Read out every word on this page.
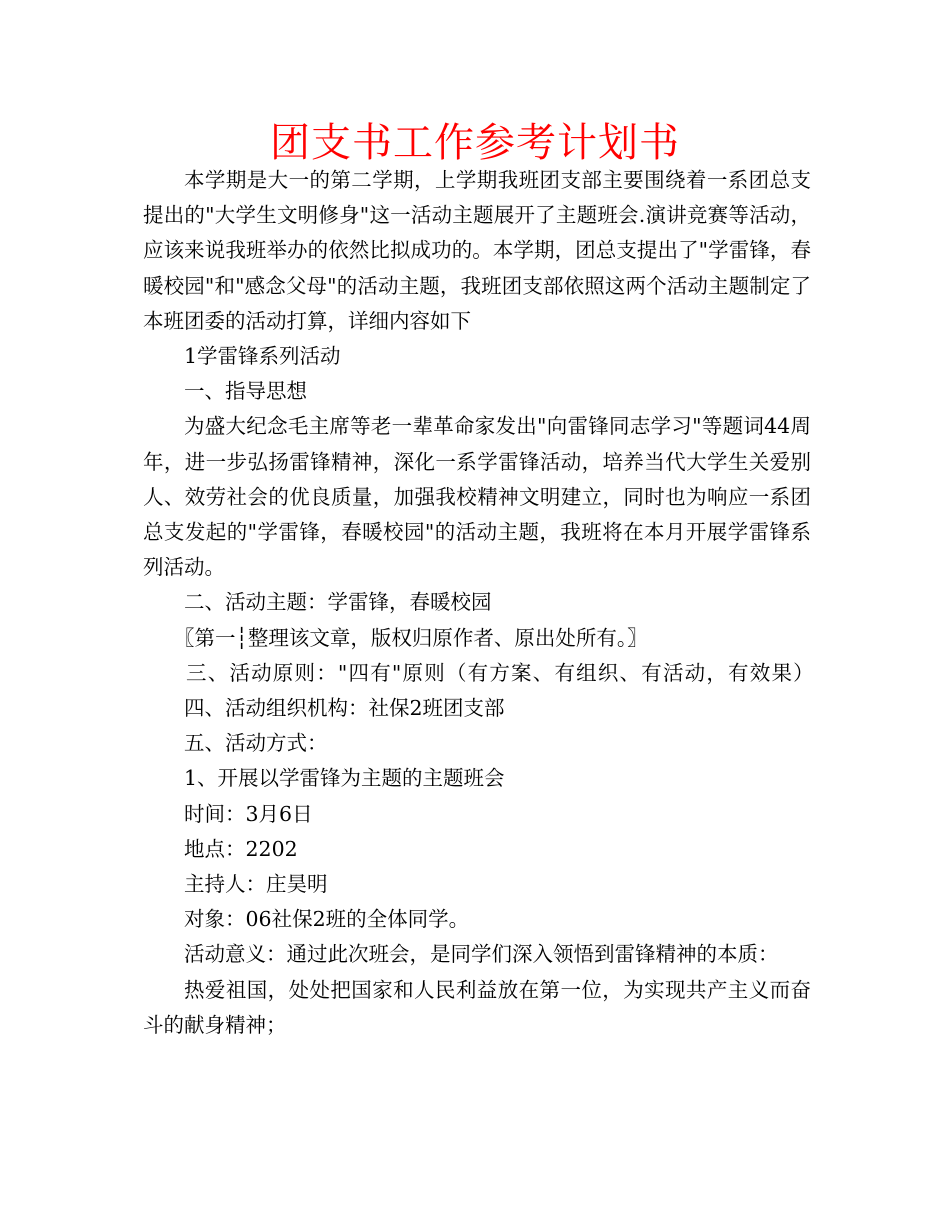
团支书工作参考计划书

本学期是大一的第二学期，上学期我班团支部主要围绕着一系团总支提出的"大学生文明修身"这一活动主题展开了主题班会.演讲竞赛等活动，应该来说我班举办的依然比拟成功的。本学期，团总支提出了"学雷锋，春暖校园"和"感念父母"的活动主题，我班团支部依照这两个活动主题制定了本班团委的活动打算，详细内容如下

1学雷锋系列活动

一、指导思想

为盛大纪念毛主席等老一辈革命家发出"向雷锋同志学习"等题词44周年，进一步弘扬雷锋精神，深化一系学雷锋活动，培养当代大学生关爱别人、效劳社会的优良质量，加强我校精神文明建立，同时也为响应一系团总支发起的"学雷锋，春暖校园"的活动主题，我班将在本月开展学雷锋系列活动。

二、活动主题：学雷锋，春暖校园

〖第一┆整理该文章，版权归原作者、原出处所有。〗

三、活动原则："四有"原则（有方案、有组织、有活动，有效果）

四、活动组织机构：社保2班团支部

五、活动方式：

1、开展以学雷锋为主题的主题班会

时间：3月6日

地点：2202

主持人：庄昊明

对象：06社保2班的全体同学。

活动意义：通过此次班会，是同学们深入领悟到雷锋精神的本质：

热爱祖国，处处把国家和人民利益放在第一位，为实现共产主义而奋斗的献身精神；
